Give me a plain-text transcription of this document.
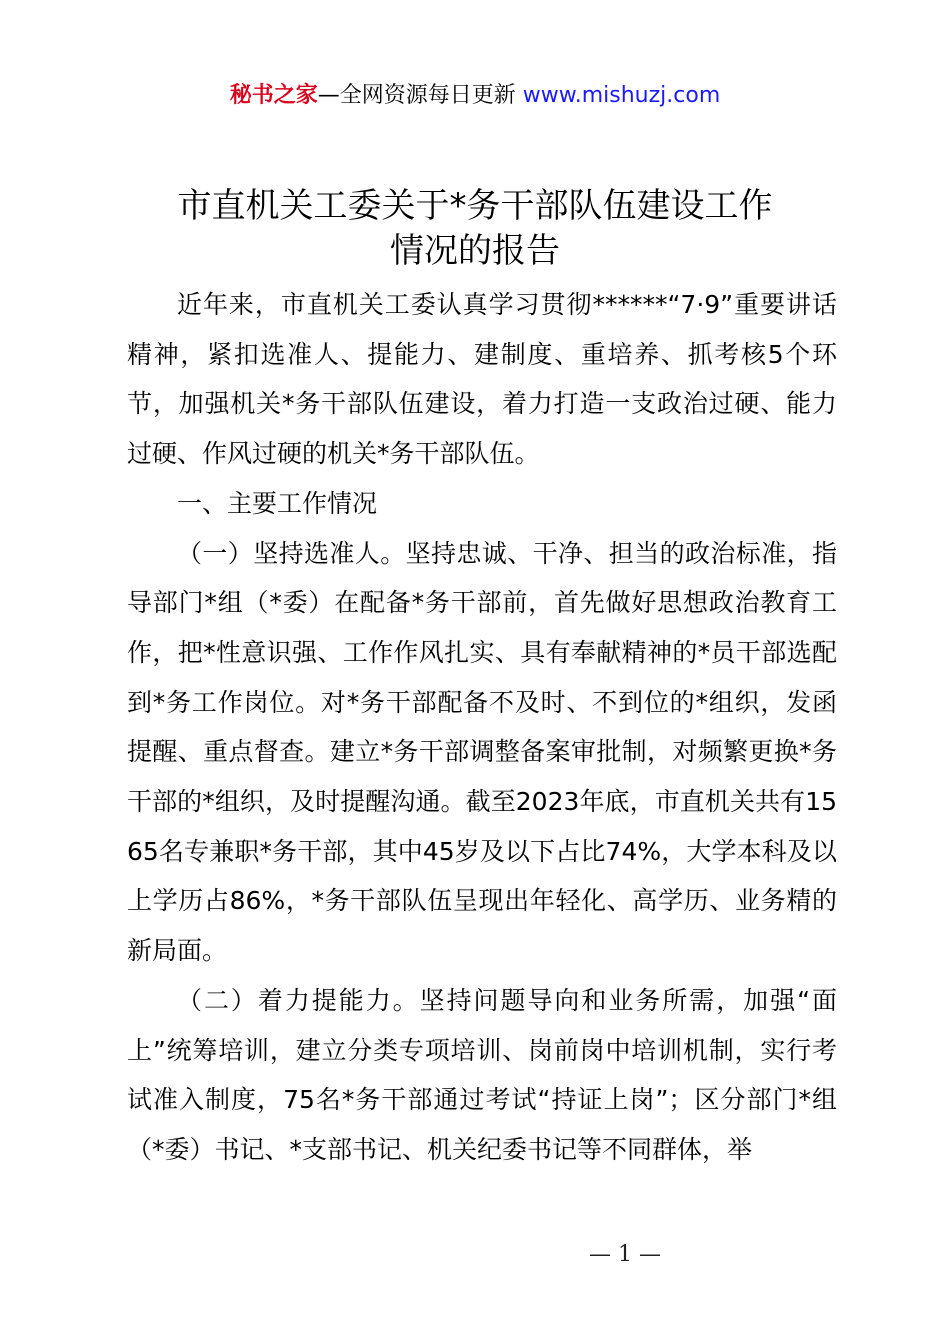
秘书之家—全网资源每日更新 www.mishuzj.com
市直机关工委关于*务干部队伍建设工作
情况的报告

近年来，市直机关工委认真学习贯彻******“7·9”重要讲话精神，紧扣选准人、提能力、建制度、重培养、抓考核5个环节，加强机关*务干部队伍建设，着力打造一支政治过硬、能力过硬、作风过硬的机关*务干部队伍。

一、主要工作情况

（一）坚持选准人。坚持忠诚、干净、担当的政治标准，指导部门*组（*委）在配备*务干部前，首先做好思想政治教育工作，把*性意识强、工作作风扎实、具有奉献精神的*员干部选配到*务工作岗位。对*务干部配备不及时、不到位的*组织，发函提醒、重点督查。建立*务干部调整备案审批制，对频繁更换*务干部的*组织，及时提醒沟通。截至2023年底，市直机关共有1565名专兼职*务干部，其中45岁及以下占比74%，大学本科及以上学历占86%，*务干部队伍呈现出年轻化、高学历、业务精的新局面。

（二）着力提能力。坚持问题导向和业务所需，加强“面上”统筹培训，建立分类专项培训、岗前岗中培训机制，实行考试准入制度，75名*务干部通过考试“持证上岗”；区分部门*组（*委）书记、*支部书记、机关纪委书记等不同群体，举

— 1 —
